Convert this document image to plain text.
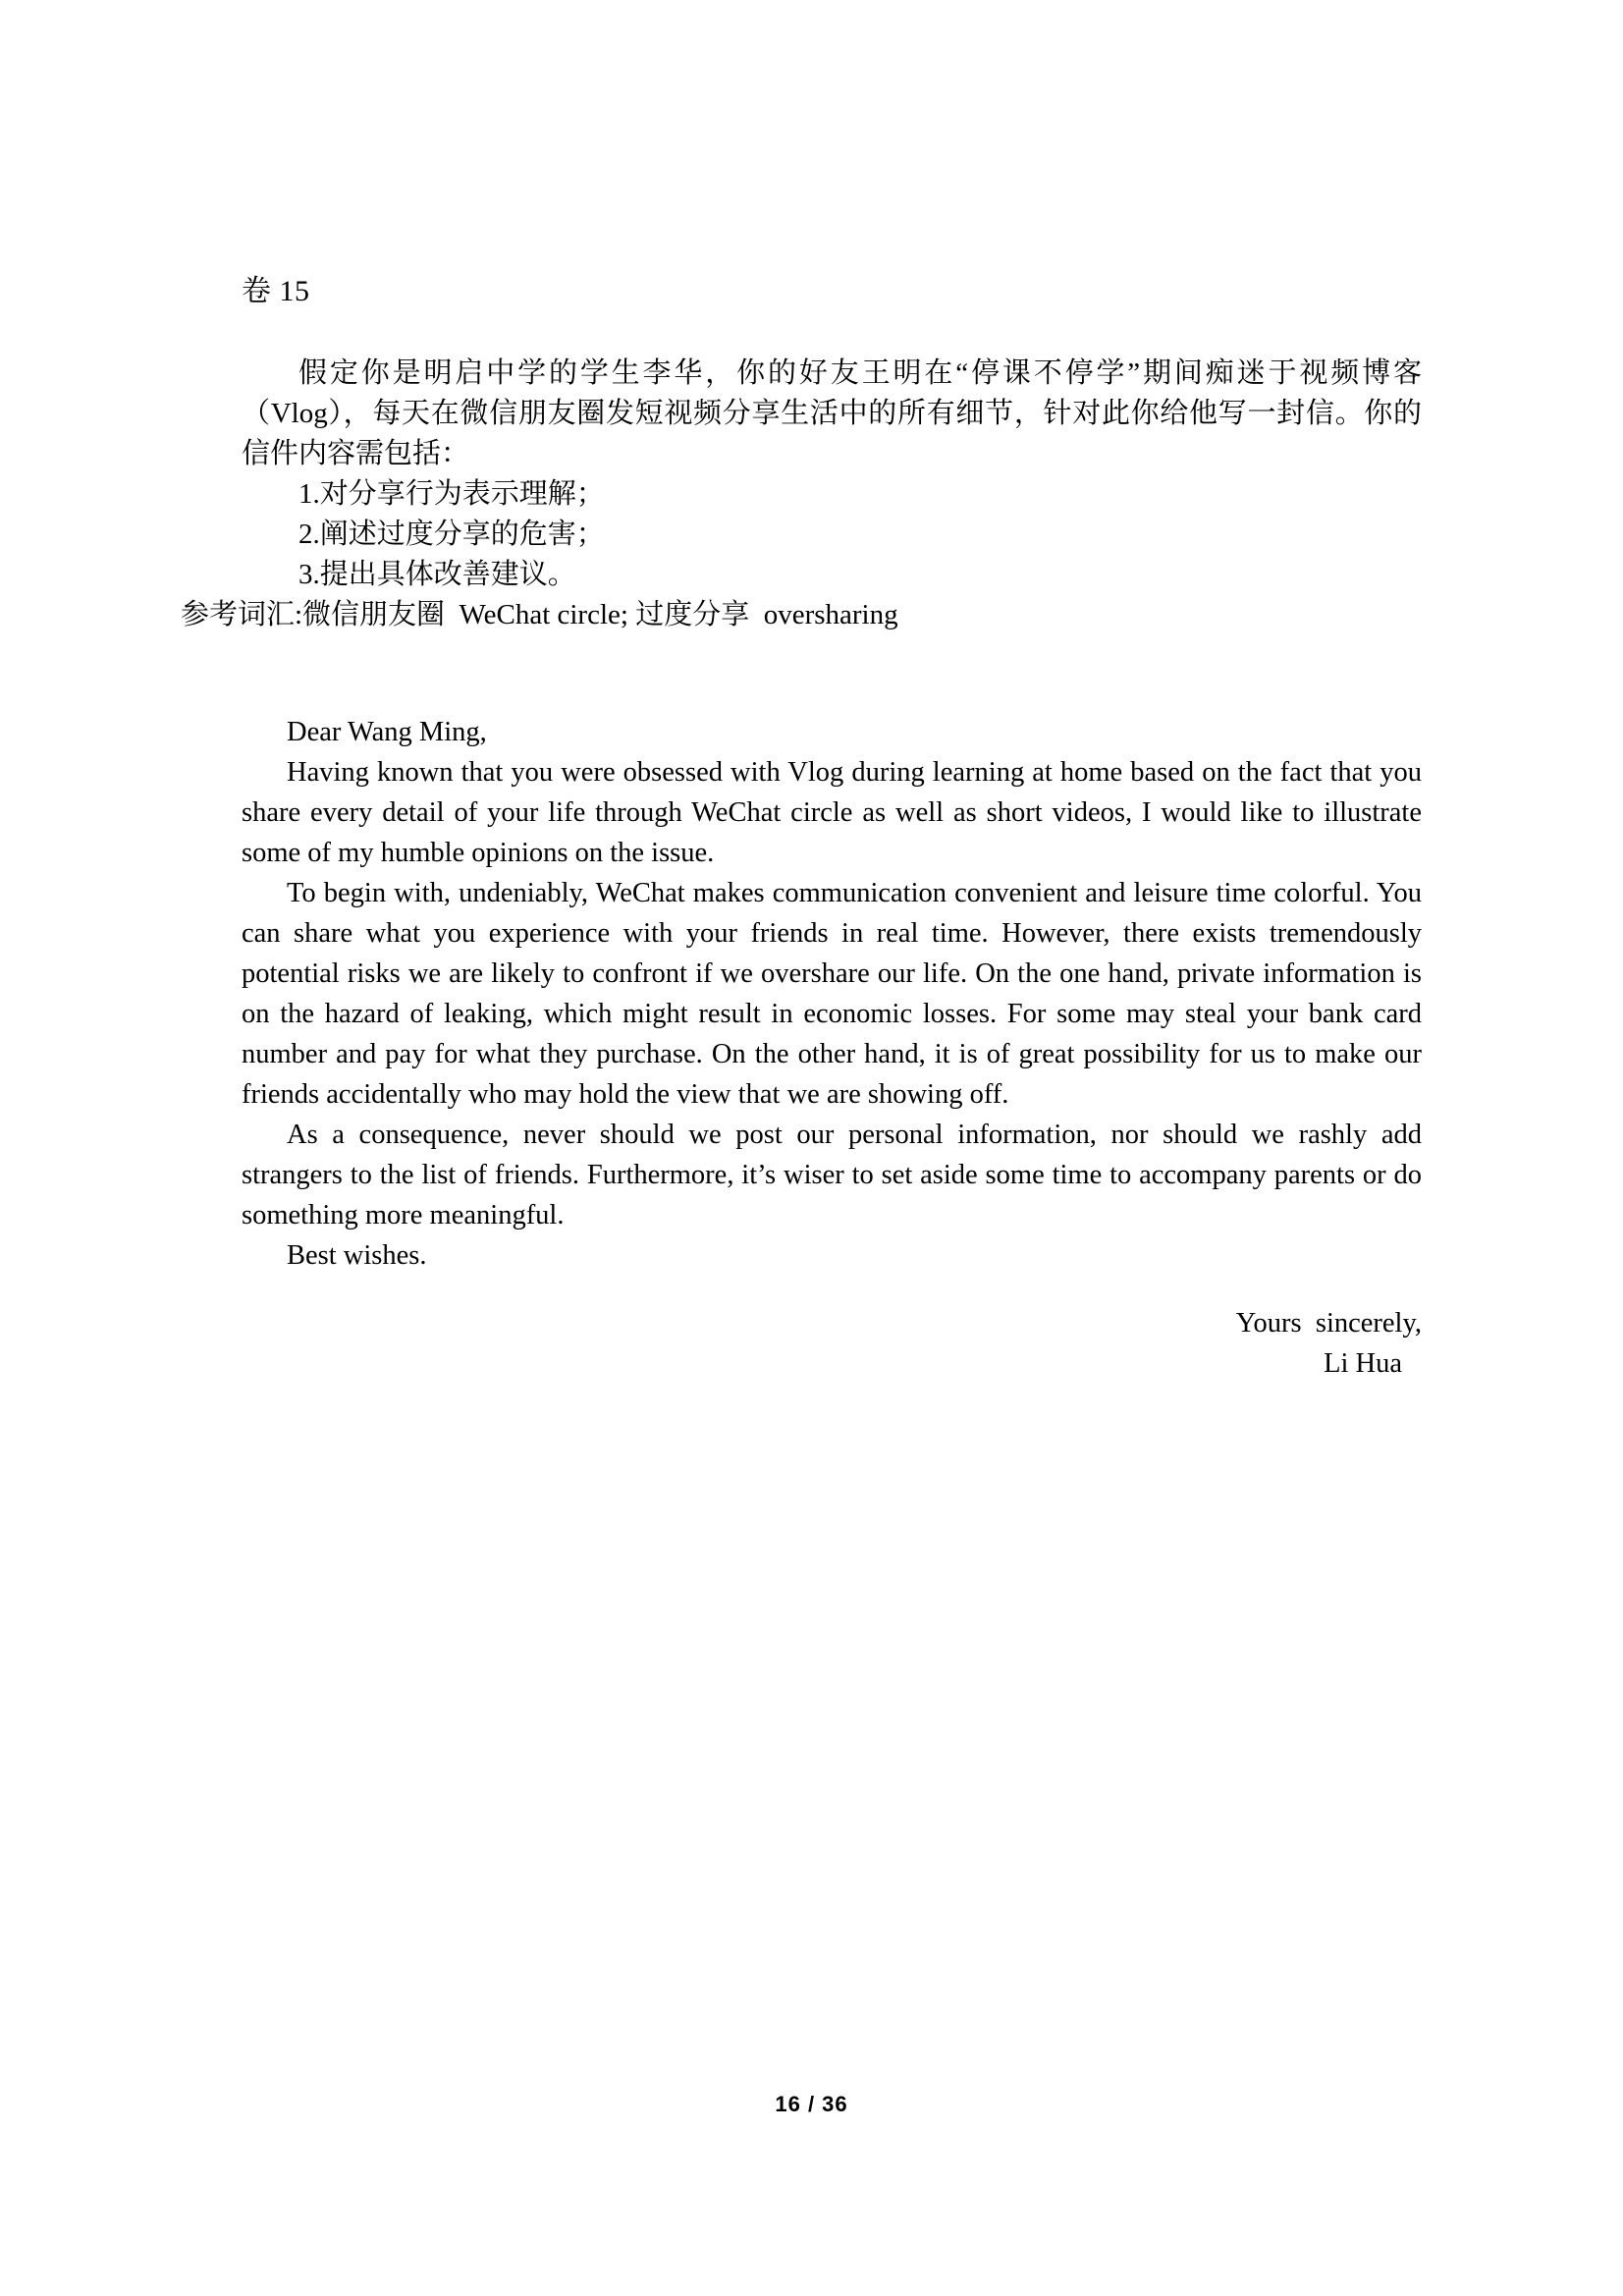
卷 15

假定你是明启中学的学生李华，你的好友王明在“停课不停学”期间痴迷于视频博客（Vlog），每天在微信朋友圈发短视频分享生活中的所有细节，针对此你给他写一封信。你的信件内容需包括：

1.对分享行为表示理解；

2.阐述过度分享的危害；

3.提出具体改善建议。

参考词汇:微信朋友圈  WeChat circle; 过度分享  oversharing

Dear Wang Ming,

Having known that you were obsessed with Vlog during learning at home based on the fact that you share every detail of your life through WeChat circle as well as short videos, I would like to illustrate some of my humble opinions on the issue.

To begin with, undeniably, WeChat makes communication convenient and leisure time colorful. You can share what you experience with your friends in real time. However, there exists tremendously potential risks we are likely to confront if we overshare our life. On the one hand, private information is on the hazard of leaking, which might result in economic losses. For some may steal your bank card number and pay for what they purchase. On the other hand, it is of great possibility for us to make our friends accidentally who may hold the view that we are showing off.

As a consequence, never should we post our personal information, nor should we rashly add strangers to the list of friends. Furthermore, it’s wiser to set aside some time to accompany parents or do something more meaningful.

Best wishes.

Yours  sincerely,
Li Hua
16 / 36
